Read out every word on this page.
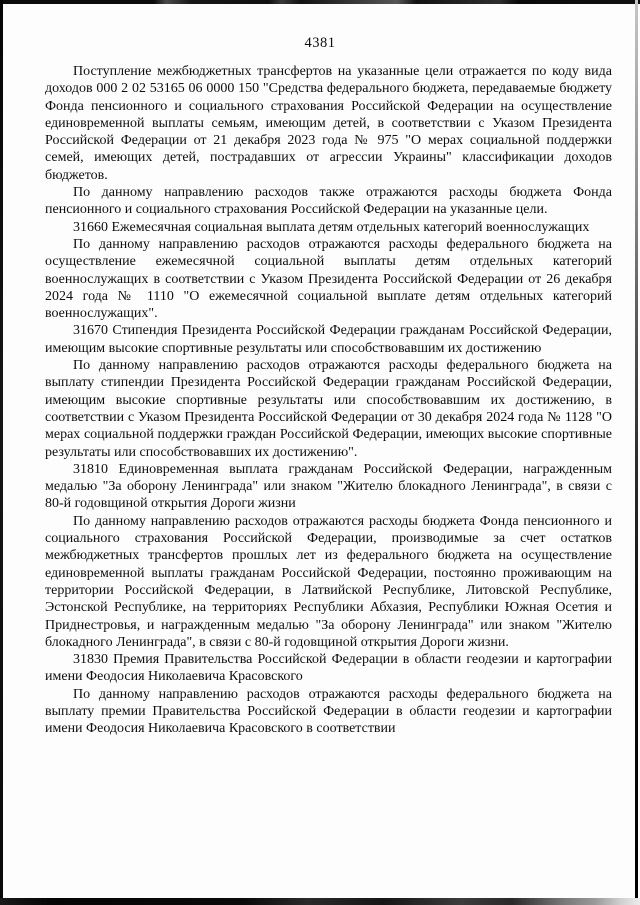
4381

Поступление межбюджетных трансфертов на указанные цели отражается по коду вида доходов 000 2 02 53165 06 0000 150 "Средства федерального бюджета, передаваемые бюджету Фонда пенсионного и социального страхования Российской Федерации на осуществление единовременной выплаты семьям, имеющим детей, в соответствии с Указом Президента Российской Федерации от 21 декабря 2023 года № 975 "О мерах социальной поддержки семей, имеющих детей, пострадавших от агрессии Украины" классификации доходов бюджетов.

По данному направлению расходов также отражаются расходы бюджета Фонда пенсионного и социального страхования Российской Федерации на указанные цели.

31660 Ежемесячная социальная выплата детям отдельных категорий военнослужащих

По данному направлению расходов отражаются расходы федерального бюджета на осуществление ежемесячной социальной выплаты детям отдельных категорий военнослужащих в соответствии с Указом Президента Российской Федерации от 26 декабря 2024 года № 1110 "О ежемесячной социальной выплате детям отдельных категорий военнослужащих".

31670 Стипендия Президента Российской Федерации гражданам Российской Федерации, имеющим высокие спортивные результаты или способствовавшим их достижению

По данному направлению расходов отражаются расходы федерального бюджета на выплату стипендии Президента Российской Федерации гражданам Российской Федерации, имеющим высокие спортивные результаты или способствовавшим их достижению, в соответствии с Указом Президента Российской Федерации от 30 декабря 2024 года № 1128 "О мерах социальной поддержки граждан Российской Федерации, имеющих высокие спортивные результаты или способствовавших их достижению".

31810 Единовременная выплата гражданам Российской Федерации, награжденным медалью "За оборону Ленинграда" или знаком "Жителю блокадного Ленинграда", в связи с 80-й годовщиной открытия Дороги жизни

По данному направлению расходов отражаются расходы бюджета Фонда пенсионного и социального страхования Российской Федерации, производимые за счет остатков межбюджетных трансфертов прошлых лет из федерального бюджета на осуществление единовременной выплаты гражданам Российской Федерации, постоянно проживающим на территории Российской Федерации, в Латвийской Республике, Литовской Республике, Эстонской Республике, на территориях Республики Абхазия, Республики Южная Осетия и Приднестровья, и награжденным медалью "За оборону Ленинграда" или знаком "Жителю блокадного Ленинграда", в связи с 80-й годовщиной открытия Дороги жизни.

31830 Премия Правительства Российской Федерации в области геодезии и картографии имени Феодосия Николаевича Красовского

По данному направлению расходов отражаются расходы федерального бюджета на выплату премии Правительства Российской Федерации в области геодезии и картографии имени Феодосия Николаевича Красовского в соответствии
